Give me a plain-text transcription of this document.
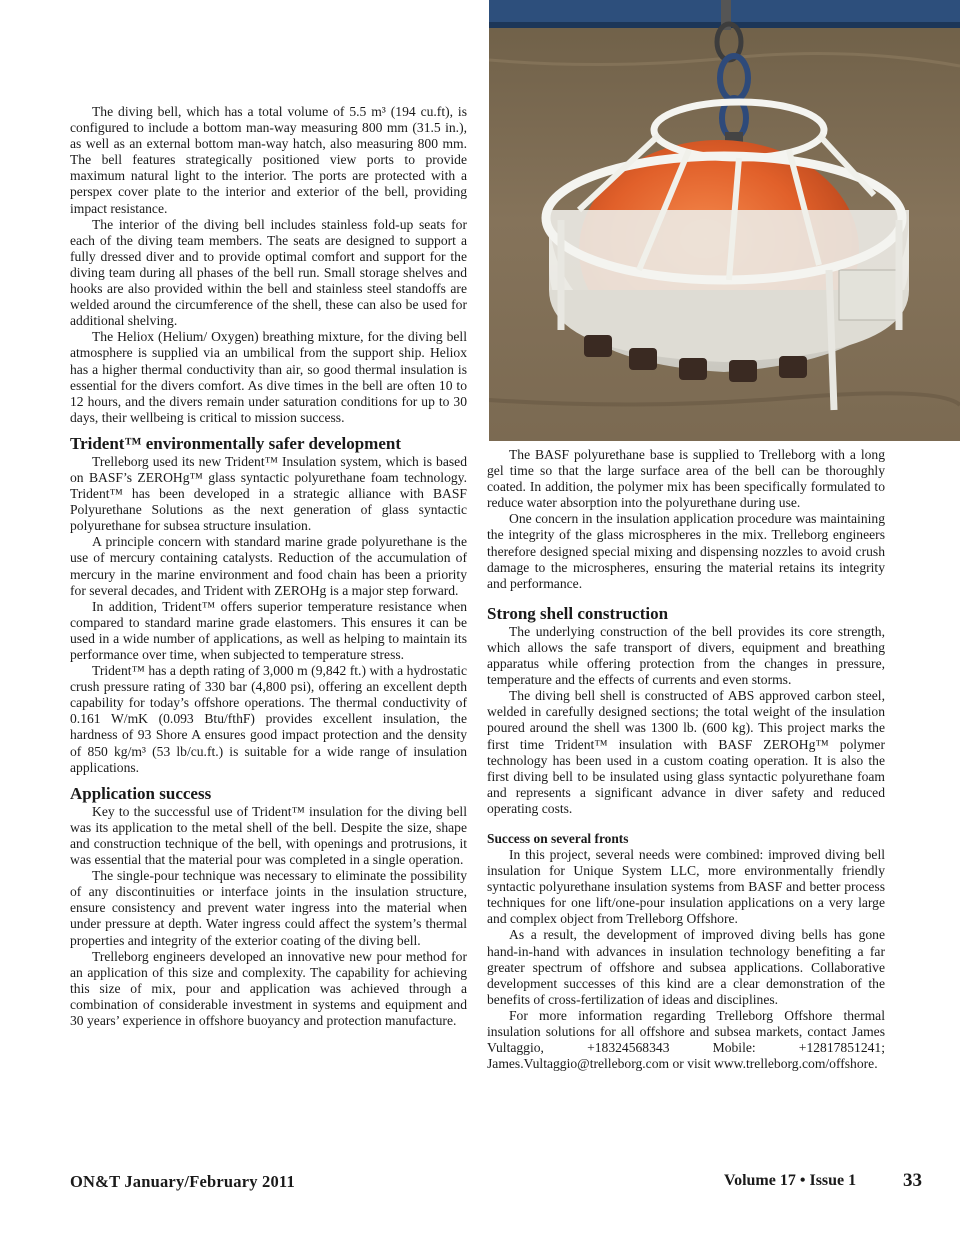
The diving bell, which has a total volume of 5.5 m³ (194 cu.ft), is configured to include a bottom man-way measuring 800 mm (31.5 in.), as well as an external bottom man-way hatch, also measuring 800 mm. The bell features strategically positioned view ports to provide maximum natural light to the interior. The ports are protected with a perspex cover plate to the interior and exterior of the bell, providing impact resistance.

The interior of the diving bell includes stainless fold-up seats for each of the diving team members. The seats are designed to support a fully dressed diver and to provide optimal comfort and support for the diving team during all phases of the bell run. Small storage shelves and hooks are also provided within the bell and stainless steel standoffs are welded around the circumference of the shell, these can also be used for additional shelving.

The Heliox (Helium/ Oxygen) breathing mixture, for the diving bell atmosphere is supplied via an umbilical from the support ship. Heliox has a higher thermal conductivity than air, so good thermal insulation is essential for the divers comfort. As dive times in the bell are often 10 to 12 hours, and the divers remain under saturation conditions for up to 30 days, their wellbeing is critical to mission success.

Trident™ environmentally safer development

Trelleborg used its new Trident™ Insulation system, which is based on BASF’s ZEROHg™ glass syntactic polyurethane foam technology. Trident™ has been developed in a strategic alliance with BASF Polyurethane Solutions as the next generation of glass syntactic polyurethane for subsea structure insulation.

A principle concern with standard marine grade polyurethane is the use of mercury containing catalysts. Reduction of the accumulation of mercury in the marine environment and food chain has been a priority for several decades, and Trident with ZEROHg is a major step forward.

In addition, Trident™ offers superior temperature resistance when compared to standard marine grade elastomers. This ensures it can be used in a wide number of applications, as well as helping to maintain its performance over time, when subjected to temperature stress.

Trident™ has a depth rating of 3,000 m (9,842 ft.) with a hydrostatic crush pressure rating of 330 bar (4,800 psi), offering an excellent depth capability for today’s offshore operations. The thermal conductivity of 0.161 W/mK (0.093 Btu/fthF) provides excellent insulation, the hardness of 93 Shore A ensures good impact protection and the density of 850 kg/m³ (53 lb/cu.ft.) is suitable for a wide range of insulation applications.

Application success

Key to the successful use of Trident™ insulation for the diving bell was its application to the metal shell of the bell. Despite the size, shape and construction technique of the bell, with openings and protrusions, it was essential that the material pour was completed in a single operation.

The single-pour technique was necessary to eliminate the possibility of any discontinuities or interface joints in the insulation structure, ensure consistency and prevent water ingress into the material when under pressure at depth. Water ingress could affect the system’s thermal properties and integrity of the exterior coating of the diving bell.

Trelleborg engineers developed an innovative new pour method for an application of this size and complexity. The capability for achieving this size of mix, pour and application was achieved through a combination of considerable investment in systems and equipment and 30 years’ experience in offshore buoyancy and protection manufacture.

The BASF polyurethane base is supplied to Trelleborg with a long gel time so that the large surface area of the bell can be thoroughly coated. In addition, the polymer mix has been specifically formulated to reduce water absorption into the polyurethane during use.

One concern in the insulation application procedure was maintaining the integrity of the glass microspheres in the mix. Trelleborg engineers therefore designed special mixing and dispensing nozzles to avoid crush damage to the microspheres, ensuring the material retains its integrity and performance.

Strong shell construction

The underlying construction of the bell provides its core strength, which allows the safe transport of divers, equipment and breathing apparatus while offering protection from the changes in pressure, temperature and the effects of currents and even storms.

The diving bell shell is constructed of ABS approved carbon steel, welded in carefully designed sections; the total weight of the insulation poured around the shell was 1300 lb. (600 kg). This project marks the first time Trident™ insulation with BASF ZEROHg™ polymer technology has been used in a custom coating operation. It is also the first diving bell to be insulated using glass syntactic polyurethane foam and represents a significant advance in diver safety and reduced operating costs.

Success on several fronts

In this project, several needs were combined: improved diving bell insulation for Unique System LLC, more environmentally friendly syntactic polyurethane insulation systems from BASF and better process techniques for one lift/one-pour insulation applications on a very large and complex object from Trelleborg Offshore.

As a result, the development of improved diving bells has gone hand-in-hand with advances in insulation technology benefiting a far greater spectrum of offshore and subsea applications. Collaborative development successes of this kind are a clear demonstration of the benefits of cross-fertilization of ideas and disciplines.

For more information regarding Trelleborg Offshore thermal insulation solutions for all offshore and subsea markets, contact James Vultaggio, +18324568343 Mobile: +12817851241; James.Vultaggio@trelleborg.com or visit www.trelleborg.com/offshore.

ON&T January/February 2011	Volume 17 • Issue 1 33
